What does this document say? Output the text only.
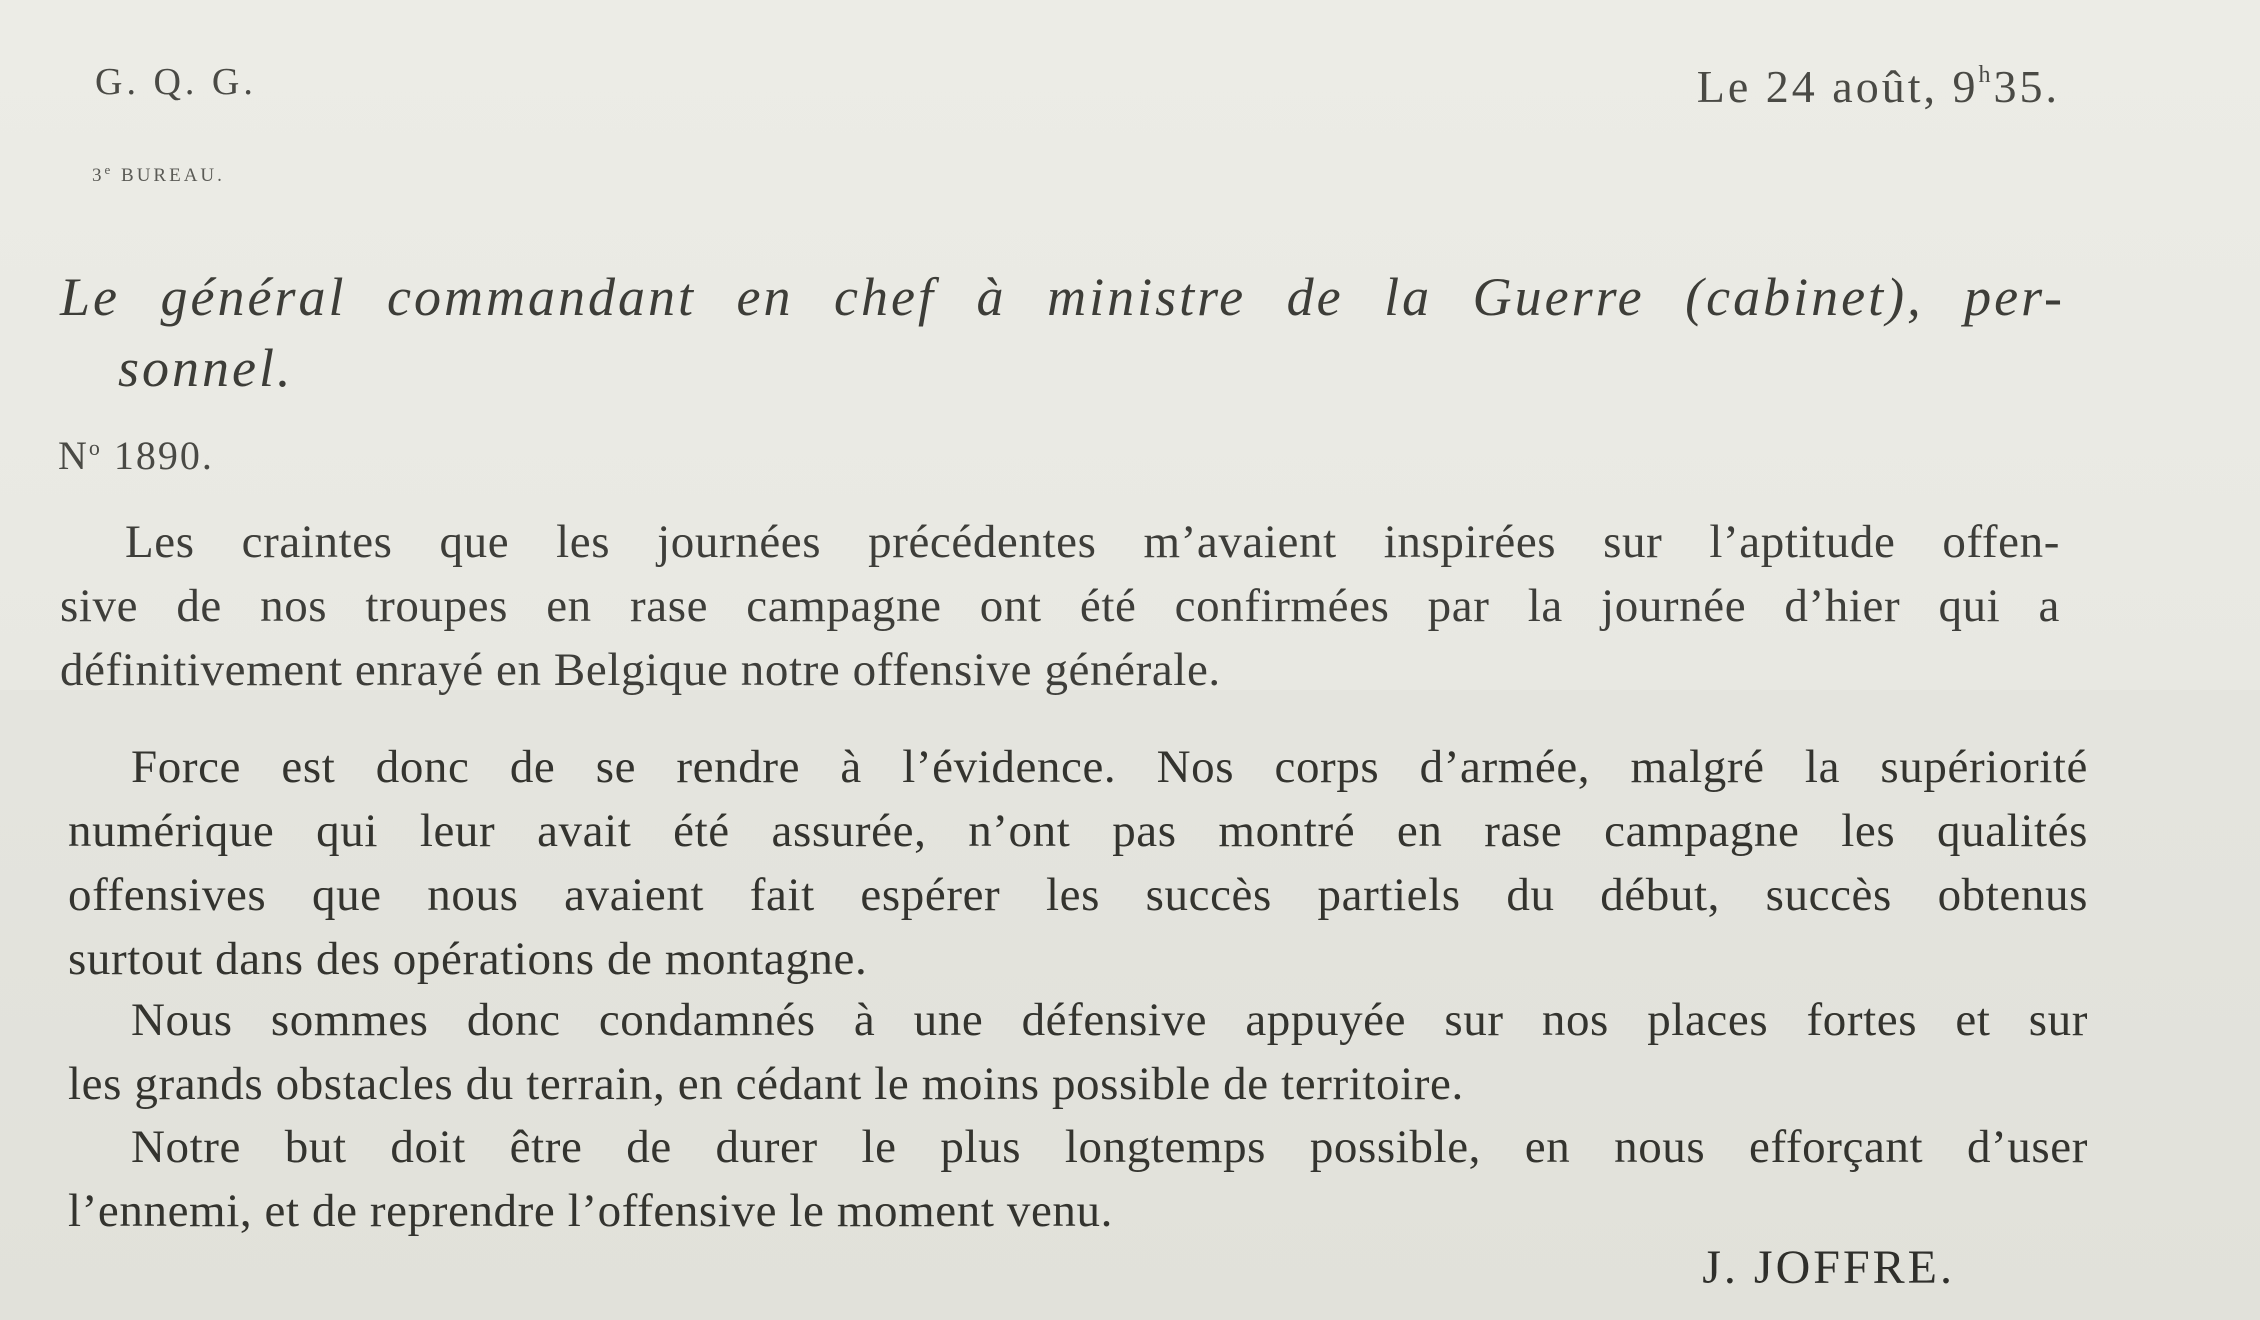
G. Q. G.
3e BUREAU.
Le 24 août, 9$^h$35.
Le général commandant en chef à ministre de la Guerre (cabinet), per-
sonnel.
$N^o$ 1890.
Les craintes que les journées précédentes m’avaient inspirées sur l’aptitude offen-
sive de nos troupes en rase campagne ont été confirmées par la journée d’hier qui a
définitivement enrayé en Belgique notre offensive générale.
Force est donc de se rendre à l’évidence. Nos corps d’armée, malgré la supériorité
numérique qui leur avait été assurée, n’ont pas montré en rase campagne les qualités
offensives que nous avaient fait espérer les succès partiels du début, succès obtenus
surtout dans des opérations de montagne.
Nous sommes donc condamnés à une défensive appuyée sur nos places fortes et sur
les grands obstacles du terrain, en cédant le moins possible de territoire.
Notre but doit être de durer le plus longtemps possible, en nous efforçant d’user
l’ennemi, et de reprendre l’offensive le moment venu.
J. JOFFRE.
